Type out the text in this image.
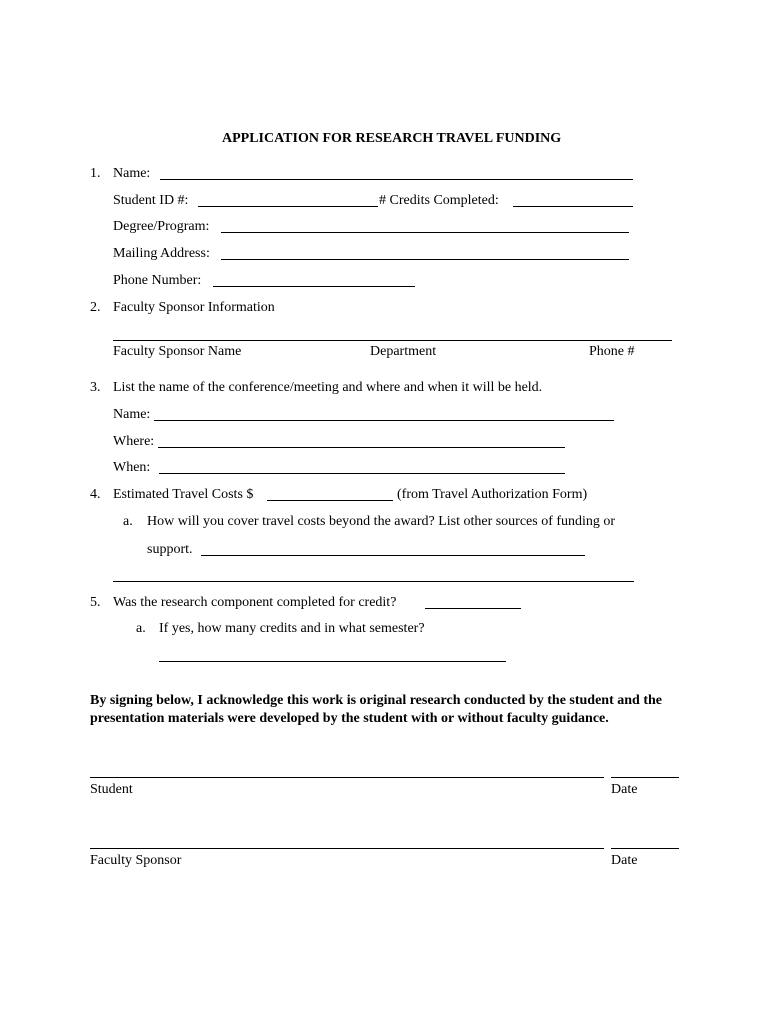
APPLICATION FOR RESEARCH TRAVEL FUNDING
1. Name:
Student ID #:	# Credits Completed:
Degree/Program:
Mailing Address:
Phone Number:
2. Faculty Sponsor Information
Faculty Sponsor Name	Department	Phone #
3. List the name of the conference/meeting and where and when it will be held.
Name:
Where:
When:
4. Estimated Travel Costs $	(from Travel Authorization Form)
a. How will you cover travel costs beyond the award? List other sources of funding or
support.
5. Was the research component completed for credit?
a. If yes, how many credits and in what semester?
By signing below, I acknowledge this work is original research conducted by the student and the presentation materials were developed by the student with or without faculty guidance.
Student	Date
Faculty Sponsor	Date
